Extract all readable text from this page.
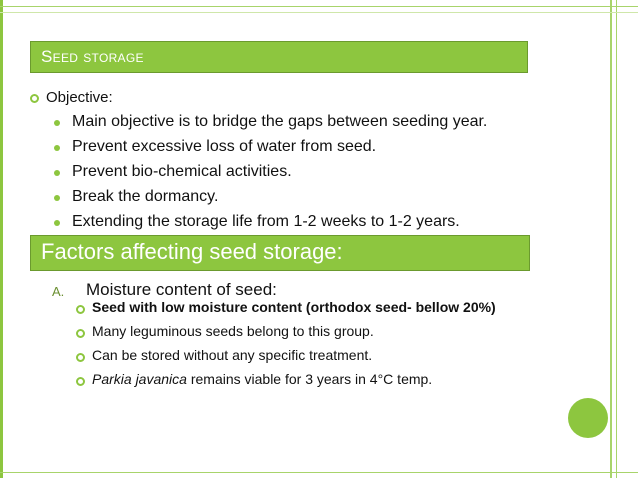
Seed storage
Objective:
Main objective is to bridge the gaps between seeding year.
Prevent excessive loss of water from seed.
Prevent bio-chemical activities.
Break the dormancy.
Extending the storage life from 1-2 weeks to 1-2 years.
Factors affecting seed storage:
A. Moisture content of seed:
Seed with low moisture content (orthodox seed- bellow 20%)
Many leguminous seeds belong to this group.
Can be stored without any specific treatment.
Parkia javanica remains viable for 3 years in 4°C temp.
